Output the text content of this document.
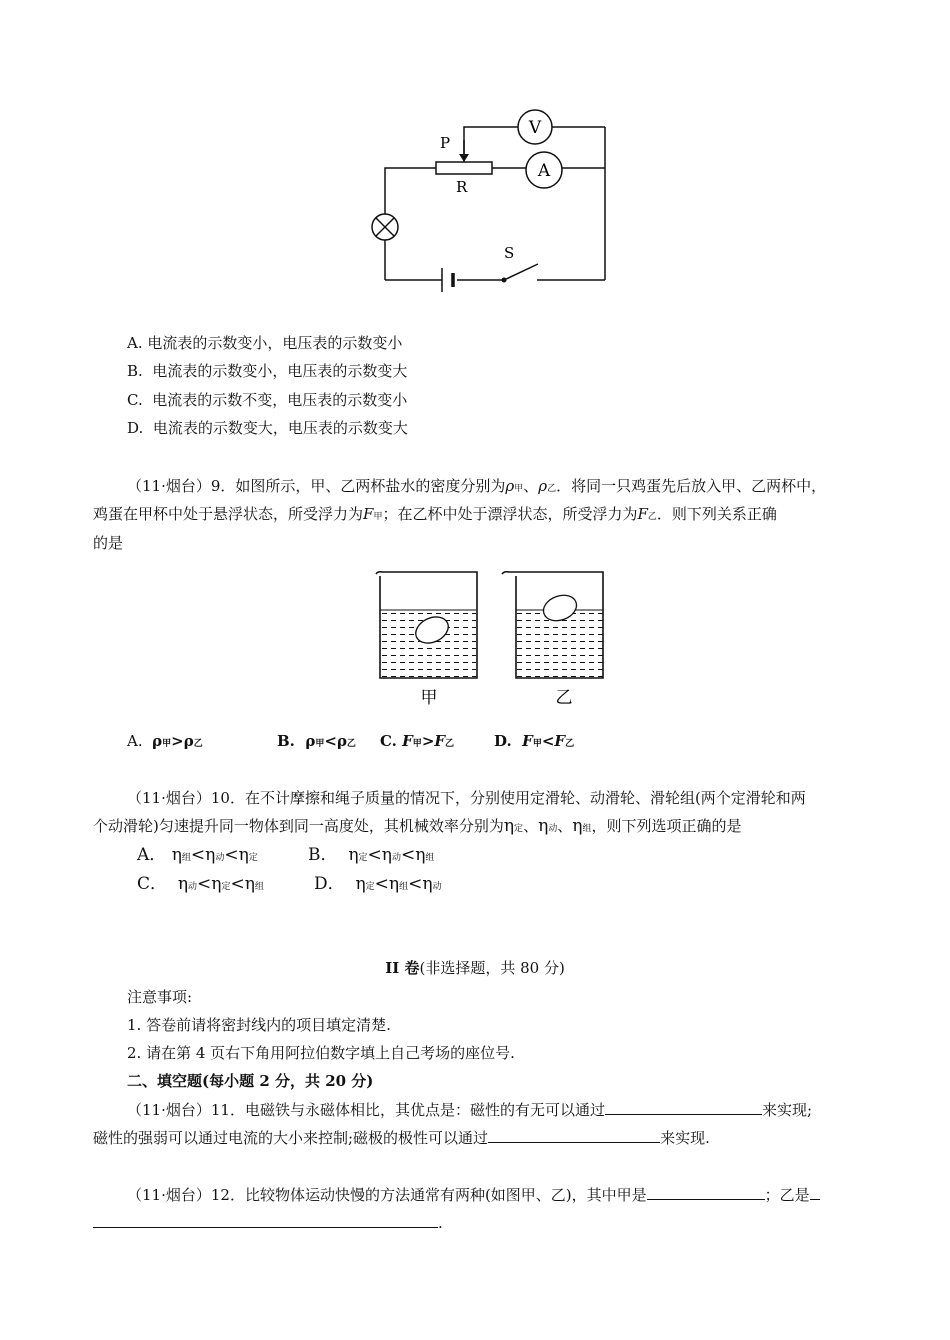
V
A
P
R
S
A. 电流表的示数变小，电压表的示数变小
B. 电流表的示数变小，电压表的示数变大
C. 电流表的示数不变，电压表的示数变小
D. 电流表的示数变大，电压表的示数变大
（11·烟台）9．如图所示，甲、乙两杯盐水的密度分别为ρ甲、ρ乙．将同一只鸡蛋先后放入甲、乙两杯中，
鸡蛋在甲杯中处于悬浮状态，所受浮力为F甲；在乙杯中处于漂浮状态，所受浮力为F乙．则下列关系正确
的是
甲	乙
A. ρ甲>ρ乙	B. ρ甲<ρ乙 C. F甲>F乙	D. F甲<F乙
（11·烟台）10．在不计摩擦和绳子质量的情况下，分别使用定滑轮、动滑轮、滑轮组(两个定滑轮和两
个动滑轮)匀速提升同一物体到同一高度处，其机械效率分别为η定、η动、η组，则下列选项正确的是
A． η组<η动<η定	B． η定<η动<η组
C． η动<η定<η组	D． η定<η组<η动
II 卷(非选择题，共 80 分)
注意事项:
1. 答卷前请将密封线内的项目填定清楚.
2. 请在第 4 页右下角用阿拉伯数字填上自己考场的座位号.
二、填空题(每小题 2 分，共 20 分)
（11·烟台）11．电磁铁与永磁体相比，其优点是：磁性的有无可以通过	来实现;
磁性的强弱可以通过电流的大小来控制;磁极的极性可以通过	来实现.
（11·烟台）12．比较物体运动快慢的方法通常有两种(如图甲、乙)，其中甲是	；乙是
.
